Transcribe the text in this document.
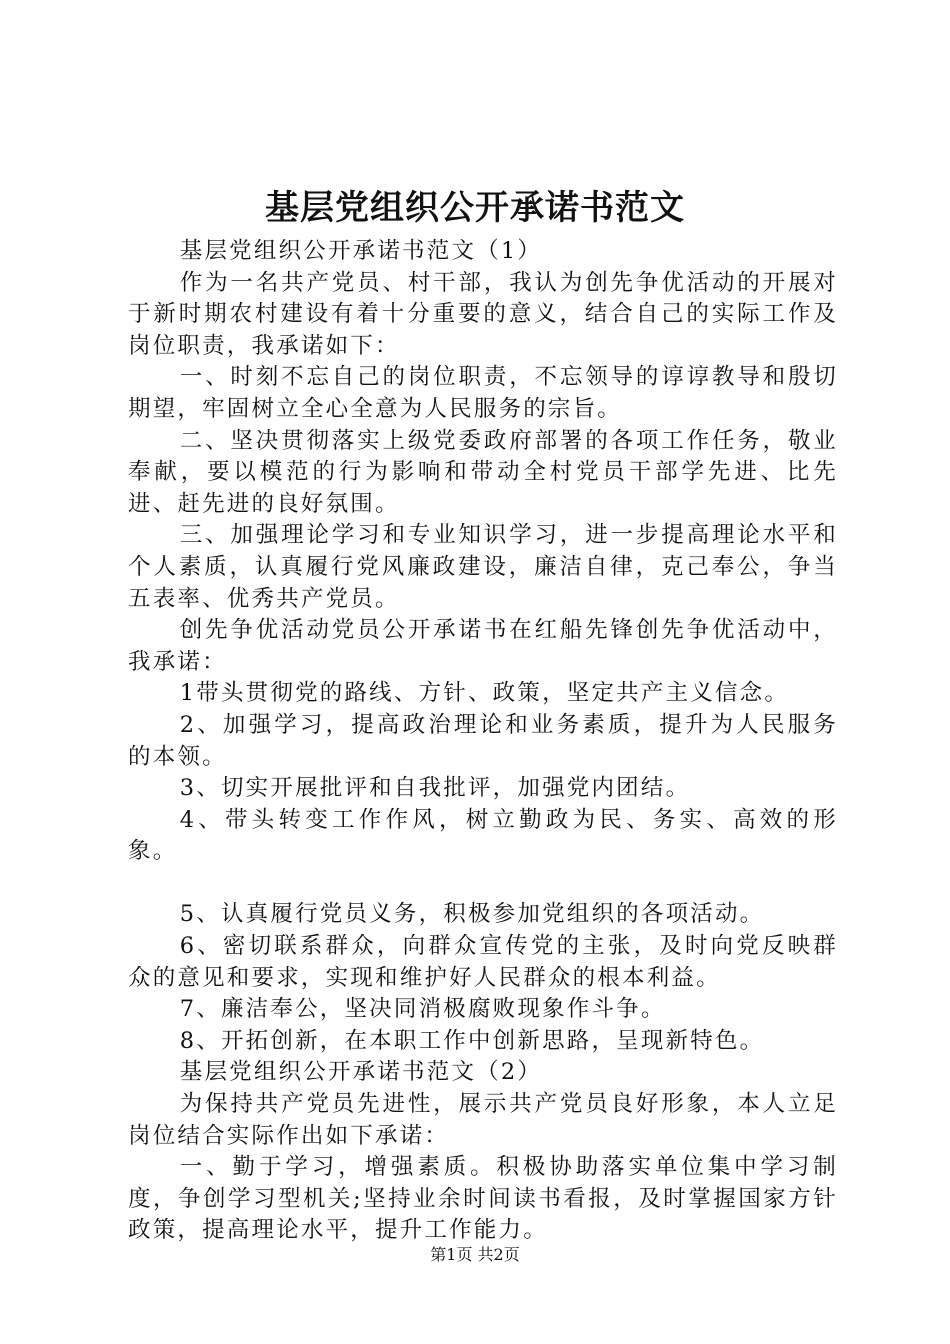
基层党组织公开承诺书范文

基层党组织公开承诺书范文（1）

作为一名共产党员、村干部，我认为创先争优活动的开展对于新时期农村建设有着十分重要的意义，结合自己的实际工作及岗位职责，我承诺如下：

一、时刻不忘自己的岗位职责，不忘领导的谆谆教导和殷切期望，牢固树立全心全意为人民服务的宗旨。

二、坚决贯彻落实上级党委政府部署的各项工作任务，敬业奉献，要以模范的行为影响和带动全村党员干部学先进、比先进、赶先进的良好氛围。

三、加强理论学习和专业知识学习，进一步提高理论水平和个人素质，认真履行党风廉政建设，廉洁自律，克己奉公，争当五表率、优秀共产党员。

创先争优活动党员公开承诺书在红船先锋创先争优活动中，我承诺：

1带头贯彻党的路线、方针、政策，坚定共产主义信念。

2、加强学习，提高政治理论和业务素质，提升为人民服务的本领。

3、切实开展批评和自我批评，加强党内团结。

4、带头转变工作作风，树立勤政为民、务实、高效的形象。

5、认真履行党员义务，积极参加党组织的各项活动。

6、密切联系群众，向群众宣传党的主张，及时向党反映群众的意见和要求，实现和维护好人民群众的根本利益。

7、廉洁奉公，坚决同消极腐败现象作斗争。

8、开拓创新，在本职工作中创新思路，呈现新特色。

基层党组织公开承诺书范文（2）

为保持共产党员先进性，展示共产党员良好形象，本人立足岗位结合实际作出如下承诺：

一、勤于学习，增强素质。积极协助落实单位集中学习制度，争创学习型机关;坚持业余时间读书看报，及时掌握国家方针政策，提高理论水平，提升工作能力。

第1页 共2页
